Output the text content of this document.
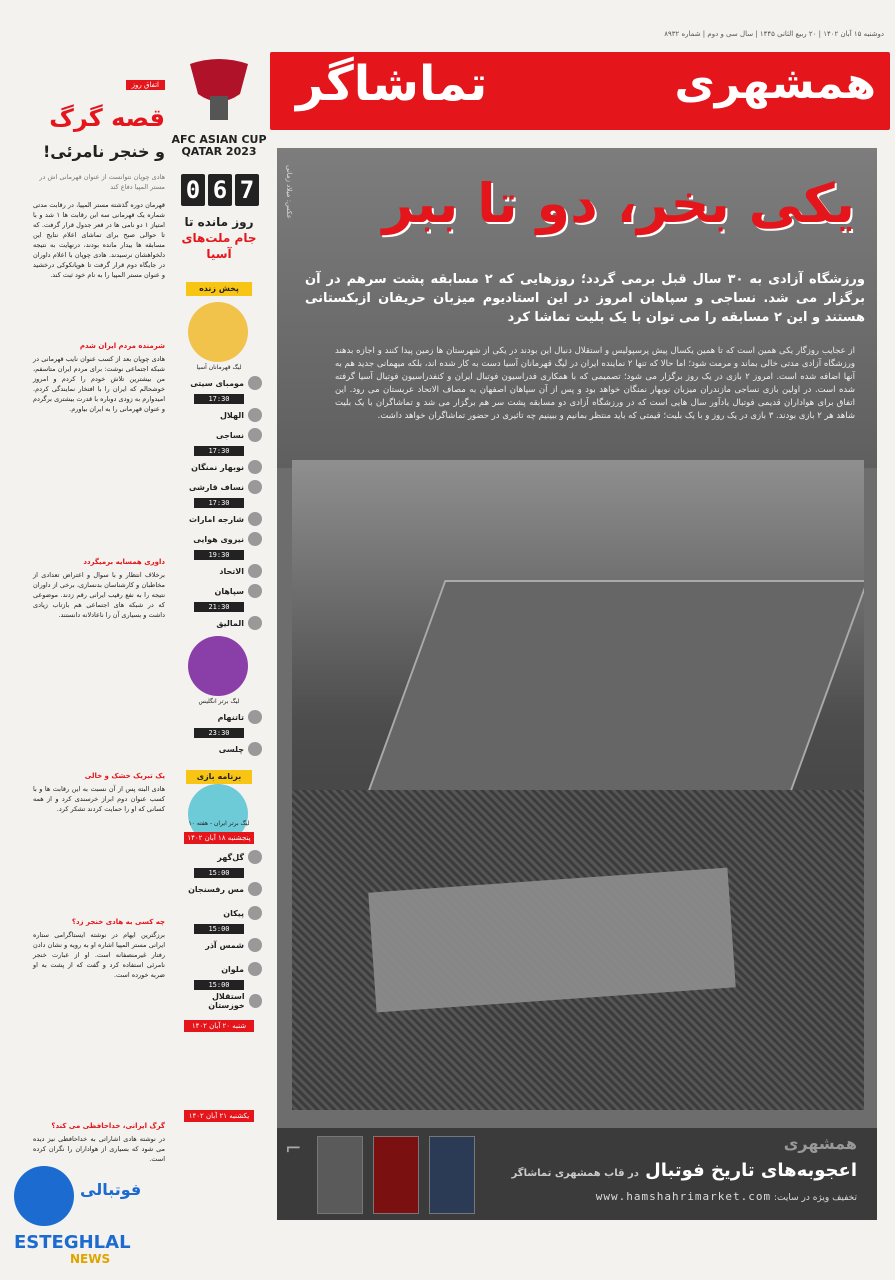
دوشنبه ۱۵ آبان ۱۴۰۲ | ۲۰ ربیع الثانی ۱۴۴۵ | سال سی و دوم | شماره ۸۹۳۲
همشهری
تماشاگر
عکس: میلاد زمانی یکی بخر، دو تا ببر
ورزشگاه آزادی به ۳۰ سال قبل برمی گردد؛ روزهایی که ۲ مسابقه پشت سرهم در آن برگزار می شد. نساجی و سپاهان امروز در این استادیوم میزبان حریفان ازبکستانی هستند و این ۲ مسابقه را می توان با یک بلیت تماشا کرد
از عجایب روزگار یکی همین است که تا همین یکسال پیش پرسپولیس و استقلال دنبال این بودند در یکی از شهرستان ها زمین پیدا کنند و اجازه بدهند ورزشگاه آزادی مدتی خالی بماند و مرمت شود؛ اما حالا که تنها ۲ نماینده ایران در لیگ قهرمانان آسیا دست به کار شده اند، بلکه میهمانی جدید هم به آنها اضافه شده است. امروز ۲ بازی در یک روز برگزار می شود؛ تصمیمی که با همکاری فدراسیون فوتبال ایران و کنفدراسیون فوتبال آسیا گرفته شده است. در اولین بازی نساجی مازندران میزبان نوبهار نمنگان خواهد بود و پس از آن سپاهان اصفهان به مصاف الاتحاد عربستان می رود. این اتفاق برای هواداران قدیمی فوتبال یادآور سال هایی است که در ورزشگاه آزادی دو مسابقه پشت سر هم برگزار می شد و تماشاگران با یک بلیت شاهد هر ۲ بازی بودند. ۳ بازی در یک روز و با یک بلیت؛ قیمتی که باید منتظر بمانیم و ببینیم چه تاثیری در حضور تماشاگران خواهد داشت.
⌐	همشهری
اعجوبه‌های تاریخ فوتبال در قاب همشهری تماشاگر
تخفیف ویژه در سایت: www.hamshahrimarket.com
AFC ASIAN CUP
QATAR 2023
0 6 7
روز مانده تا
جام ملت‌های آسیا
پخش زنده
لیگ قهرمانان آسیا
مومبای سیتی
17:30
الهلال
نساجی
17:30
نوبهار نمنگان
نساف قارشی
17:30
شارجه امارات
نیروی هوایی
19:30
الاتحاد
سپاهان
21:30
المالیق
لیگ برتر انگلیس
تاتنهام
23:30
چلسی
برنامه بازی
لیگ برتر ایران - هفته ۱۰
پنجشنبه ۱۸ آبان ۱۴۰۲
گل‌گهر
15:00
مس رفسنجان
پیکان
15:00
شمس آذر
ملوان
15:00
استقلال خوزستان
شنبه ۲۰ آبان ۱۴۰۲
یکشنبه ۲۱ آبان ۱۴۰۲
اتفاق روز
قصه گرگ
و خنجر نامرئی!
هادی چوپان نتوانست از عنوان قهرمانی اش در مستر المپیا دفاع کند
قهرمان دوره گذشته مستر المپیا، در رقابت مدتی شماره یک قهرمانی سه ابن رقابت ها ۱ شد و با امتیاز ۱ دو نامی ها در قعر جدول قرار گرفت. که تا حوالی صبح برای تماشای اعلام نتایج این مسابقه ها بیدار مانده بودند، درنهایت به نتیجه دلخواهشان نرسیدند. هادی چوپان با اعلام داوران در جایگاه دوم قرار گرفت تا هوپانکوکی درخشید و عنوان مستر المپیا را به نام خود ثبت کند.
شرمنده مردم ایران شدم
هادی چوپان بعد از کسب عنوان نایب قهرمانی در شبکه اجتماعی نوشت: برای مردم ایران متاسفم، من بیشترین تلاش خودم را کردم و امروز خوشحالم که ایران را با افتخار نمایندگی کردم. امیدوارم به زودی دوباره با قدرت بیشتری برگردم و عنوان قهرمانی را به ایران بیاورم.
داوری همسایه برمیگردد
برخلاف انتظار و با سوال و اعتراض تعدادی از مخاطبان و کارشناسان بدنسازی، برخی از داوران نتیجه را به نفع رقیب ایرانی رقم زدند. موضوعی که در شبکه های اجتماعی هم بازتاب زیادی داشت و بسیاری آن را ناعادلانه دانستند.
یک تبریک خشک و خالی
هادی البته پس از آن نسبت به این رقابت ها و با کسب عنوان دوم ابراز خرسندی کرد و از همه کسانی که او را حمایت کردند تشکر کرد.
چه کسی به هادی خنجر زد؟
برزگترین ایهام در نوشته ایستاگرامی ستاره ایرانی مستر المپیا اشاره او به رویه و نشان دادن رفتار غیرمنصفانه است. او از عبارت خنجر نامرئی استفاده کرد و گفت که از پشت به او ضربه خورده است.
گرگ ایرانی، خداحافظی می کند؟
در نوشته هادی اشاراتی به خداحافظی نیز دیده می شود که بسیاری از هواداران را نگران کرده است.
فوتبالی
ESTEGHLAL
NEWS
